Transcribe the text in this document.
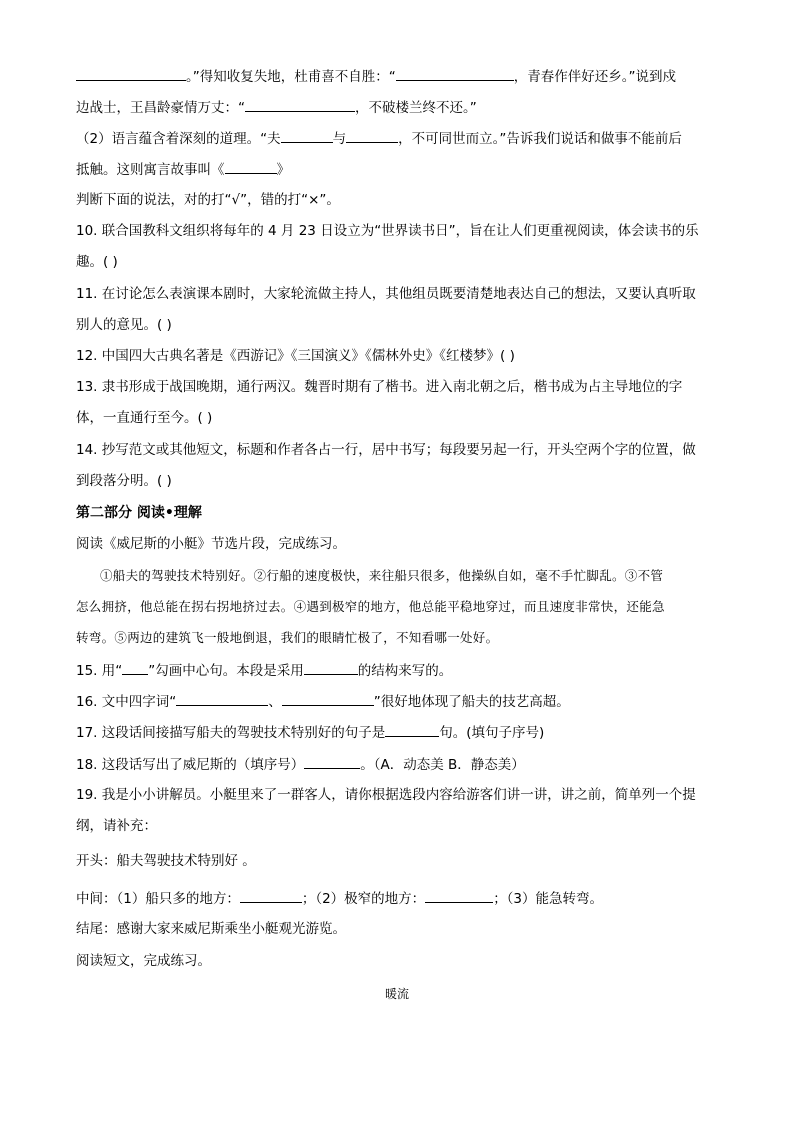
。”得知收复失地，杜甫喜不自胜：“	，青春作伴好还乡。”说到戍
边战士，王昌龄豪情万丈：“	，不破楼兰终不还。”
（2）语言蕴含着深刻的道理。“夫	与	，不可同世而立。”告诉我们说话和做事不能前后
抵触。这则寓言故事叫《	》
判断下面的说法，对的打“√”，错的打“×”。
10. 联合国教科文组织将每年的 4 月 23 日设立为“世界读书日”，旨在让人们更重视阅读，体会读书的乐
趣。( )
11. 在讨论怎么表演课本剧时，大家轮流做主持人，其他组员既要清楚地表达自己的想法，又要认真听取
别人的意见。( )
12. 中国四大古典名著是《西游记》《三国演义》《儒林外史》《红楼梦》( )
13. 隶书形成于战国晚期，通行两汉。魏晋时期有了楷书。进入南北朝之后，楷书成为占主导地位的字
体，一直通行至今。( )
14. 抄写范文或其他短文，标题和作者各占一行，居中书写；每段要另起一行，开头空两个字的位置，做
到段落分明。( )
第二部分 阅读•理解
阅读《威尼斯的小艇》节选片段，完成练习。
①船夫的驾驶技术特别好。②行船的速度极快，来往船只很多，他操纵自如，毫不手忙脚乱。③不管
怎么拥挤，他总能在拐右拐地挤过去。④遇到极窄的地方，他总能平稳地穿过，而且速度非常快，还能急
转弯。⑤两边的建筑飞一般地倒退，我们的眼睛忙极了，不知看哪一处好。
15. 用“ ”勾画中心句。本段是采用	的结构来写的。
16. 文中四字词“	、	”很好地体现了船夫的技艺高超。
17. 这段话间接描写船夫的驾驶技术特别好的句子是	句。(填句子序号)
18. 这段话写出了威尼斯的（填序号）	。（A．动态美 B．静态美）
19. 我是小小讲解员。小艇里来了一群客人，请你根据选段内容给游客们讲一讲，讲之前，简单列一个提
纲，请补充：
开头：船夫驾驶技术特别好 。
中间：（1）船只多的地方：	；（2）极窄的地方：	；（3）能急转弯。
结尾：感谢大家来威尼斯乘坐小艇观光游览。
阅读短文，完成练习。
暖流
